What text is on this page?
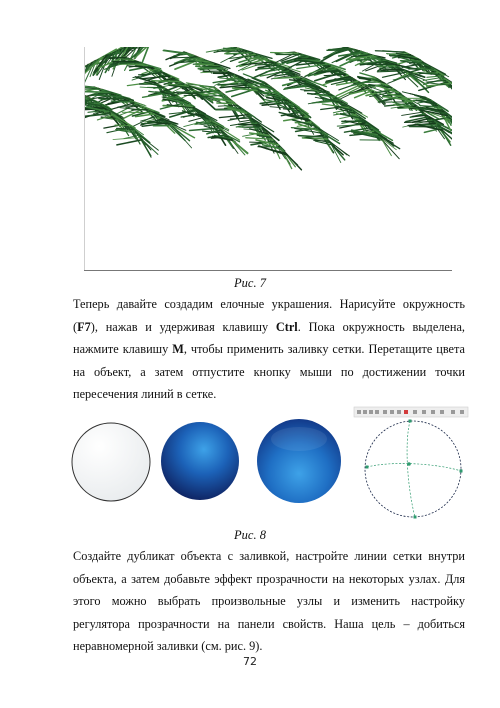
Рис. 7

Теперь давайте создадим елочные украшения. Нарисуйте окружность (F7), нажав и удерживая клавишу Ctrl. Пока окружность выделена, нажмите клавишу M, чтобы применить заливку сетки. Перетащите цвета на объект, а затем отпустите кнопку мыши по достижении точки пересечения линий в сетке.

Рис. 8

Создайте дубликат объекта с заливкой, настройте линии сетки внутри объекта, а затем добавьте эффект прозрачности на некоторых узлах. Для этого можно выбрать произвольные узлы и изменить настройку регулятора прозрачности на панели свойств. Наша цель – добиться неравномерной заливки (см. рис. 9).

72
